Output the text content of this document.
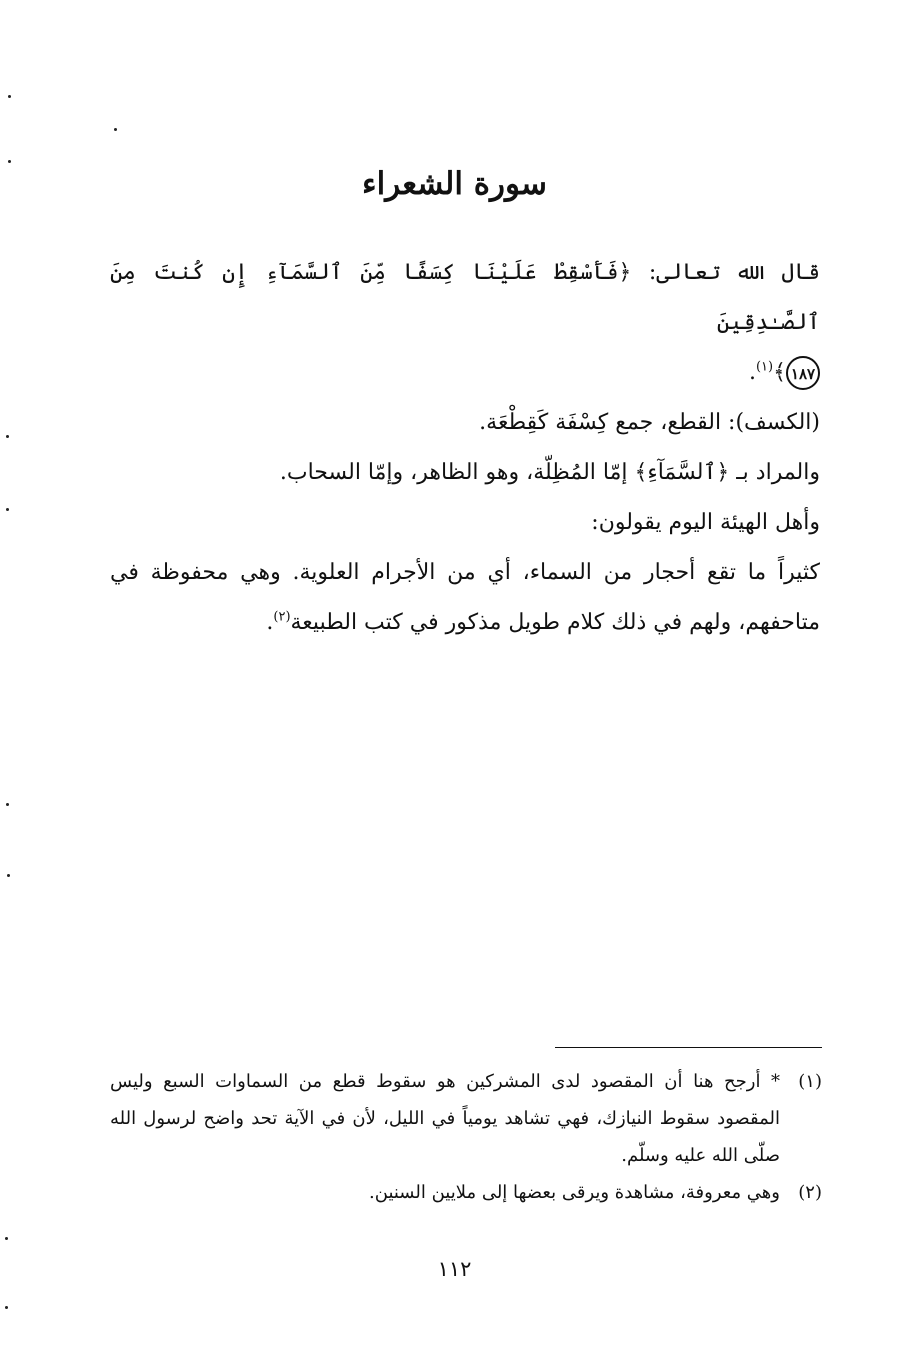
سورة الشعراء

قال الله تعالى: ﴿فَأَسْقِطْ عَلَيْنَا كِسَفًا مِّنَ ٱلسَّمَآءِ إِن كُنتَ مِنَ ٱلصَّـٰدِقِينَ

١٨٧﴾$^{(١)}$.

(الكسف): القطع، جمع كِسْفَة كَقِطْعَة.

والمراد بـ ﴿ٱلسَّمَآءِ﴾ إمّا المُظِلّة، وهو الظاهر، وإمّا السحاب.

وأهل الهيئة اليوم يقولون:

كثيراً ما تقع أحجار من السماء، أي من الأجرام العلوية. وهي محفوظة في متاحفهم، ولهم في ذلك كلام طويل مذكور في كتب الطبيعة$^{(٢)}$.

(١)
* أرجح هنا أن المقصود لدى المشركين هو سقوط قطع من السماوات السبع وليس المقصود سقوط النيازك، فهي تشاهد يومياً في الليل، لأن في الآية تحد واضح لرسول الله صلّى الله عليه وسلّم.
(٢)
وهي معروفة، مشاهدة ويرقى بعضها إلى ملايين السنين.
١١٢
